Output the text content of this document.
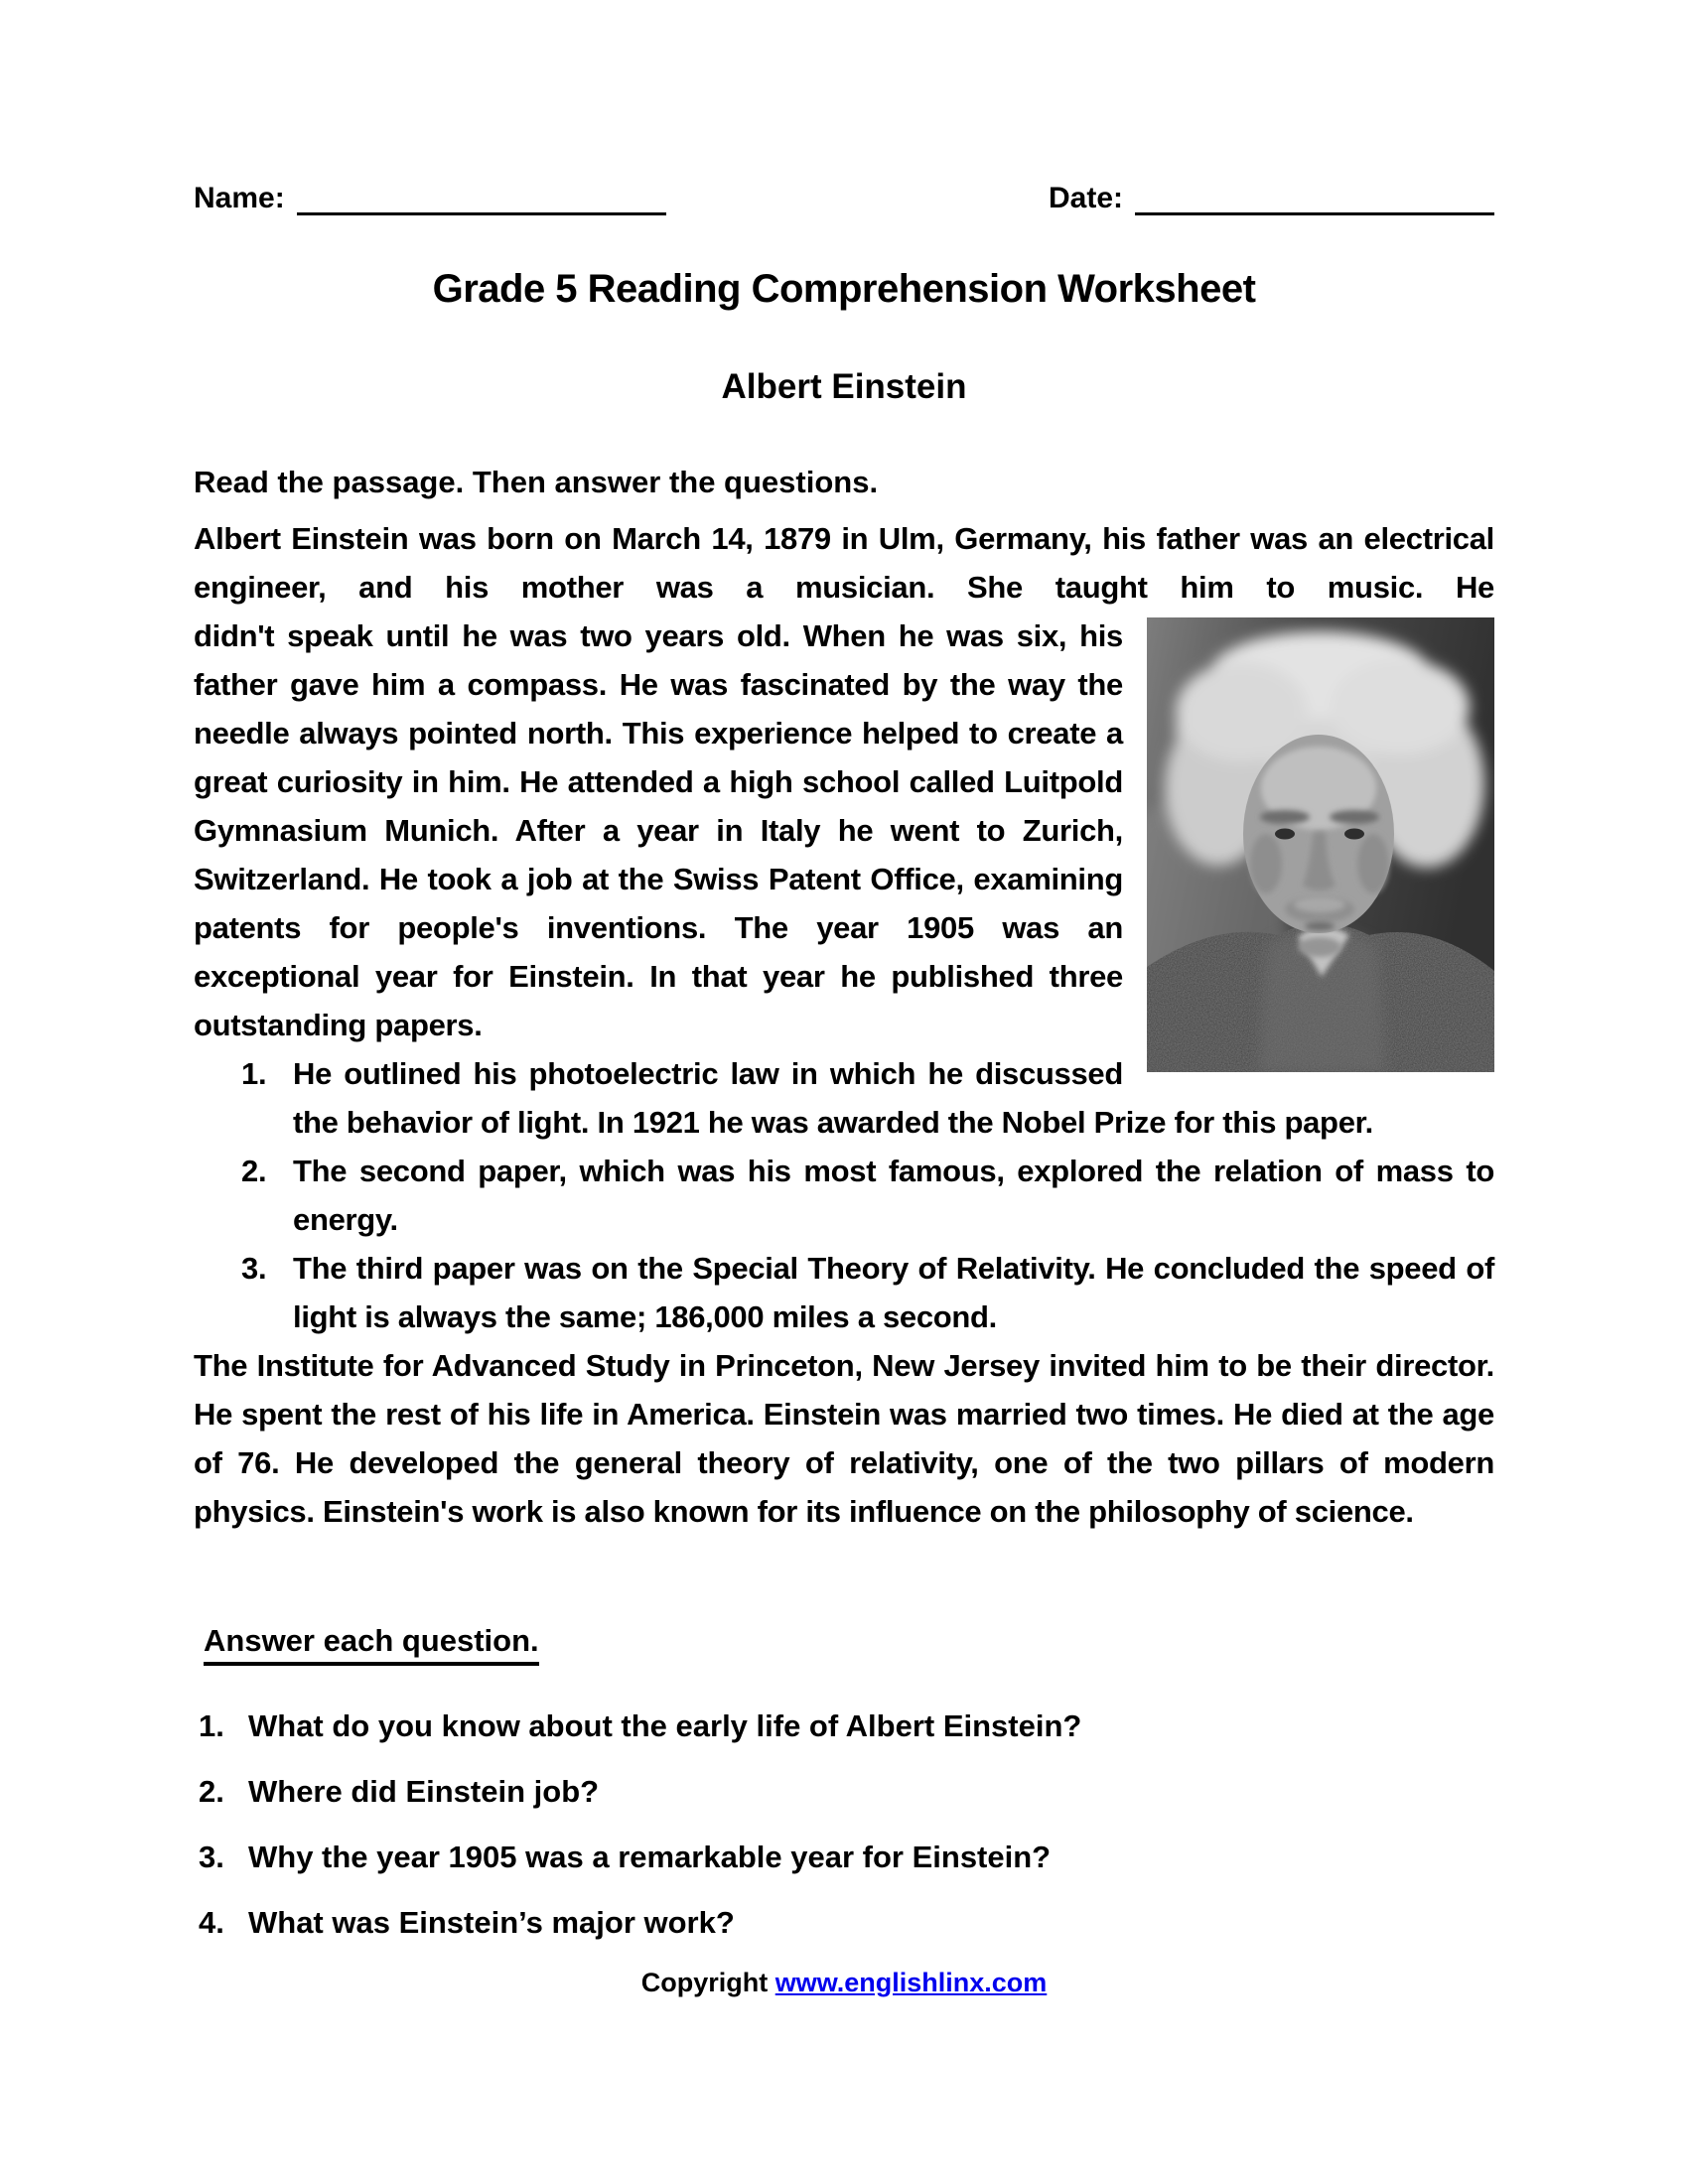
Name:	Date:
Grade 5 Reading Comprehension Worksheet
Albert Einstein
Read the passage. Then answer the questions.

Albert Einstein was born on March 14, 1879 in Ulm, Germany, his father was an electrical engineer, and his mother was a musician. She taught him to music. He

didn't speak until he was two years old. When he was six, his father gave him a compass. He was fascinated by the way the needle always pointed north. This experience helped to create a great curiosity in him. He attended a high school called Luitpold Gymnasium Munich. After a year in Italy he went to Zurich, Switzerland. He took a job at the Swiss Patent Office, examining patents for people's inventions. The year 1905 was an exceptional year for Einstein. In that year he published three outstanding papers.

1. He outlined his photoelectric law in which he discussed the behavior of light. In 1921 he was awarded the Nobel Prize for this paper.
2. The second paper, which was his most famous, explored the relation of mass to energy.
3. The third paper was on the Special Theory of Relativity. He concluded the speed of light is always the same; 186,000 miles a second.
The Institute for Advanced Study in Princeton, New Jersey invited him to be their director. He spent the rest of his life in America. Einstein was married two times. He died at the age of 76. He developed the general theory of relativity, one of the two pillars of modern physics. Einstein's work is also known for its influence on the philosophy of science.
Answer each question.
1. What do you know about the early life of Albert Einstein?
2. Where did Einstein job?
3. Why the year 1905 was a remarkable year for Einstein?
4. What was Einstein’s major work?
Copyright www.englishlinx.com
